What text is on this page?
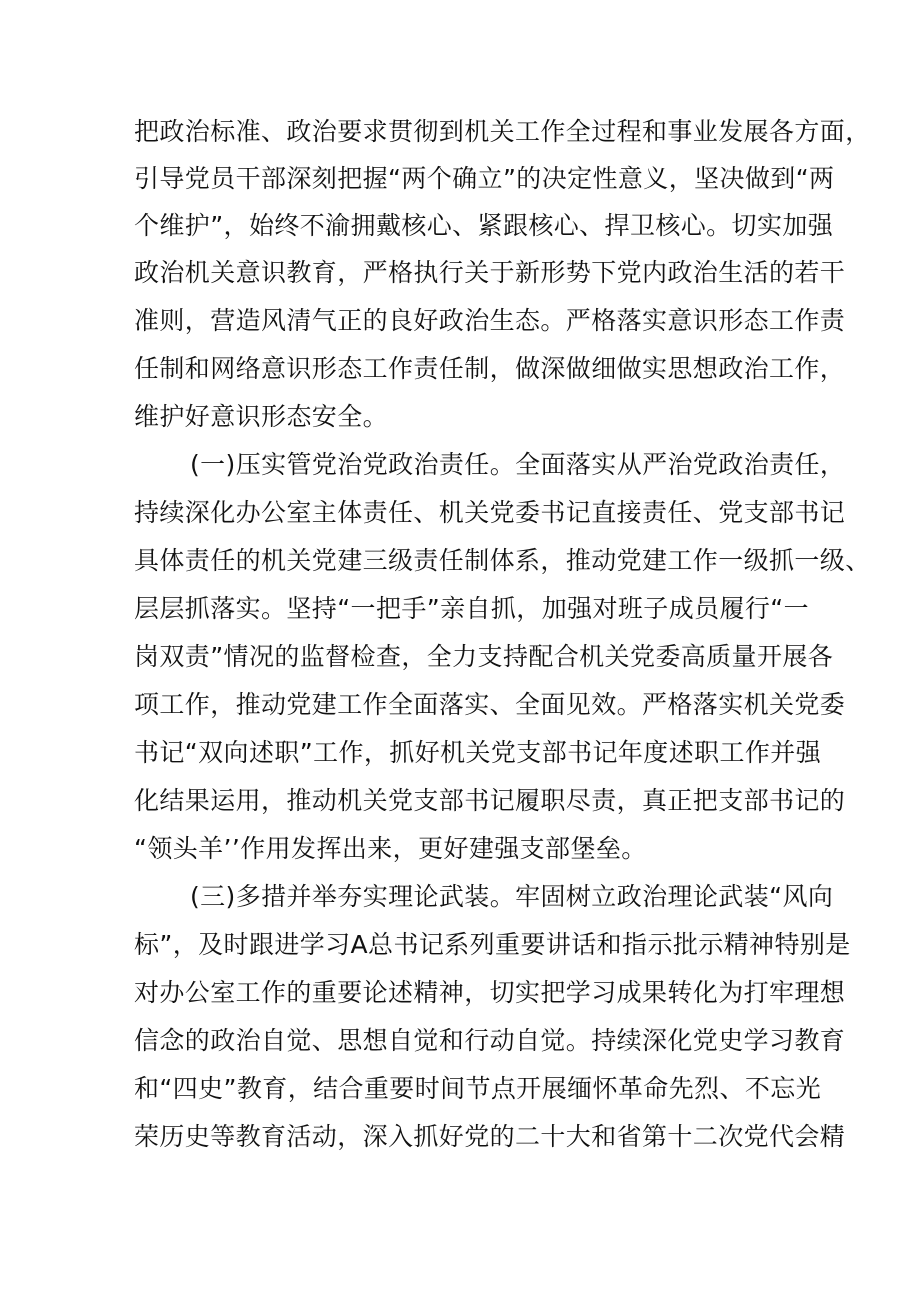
把政治标准、政治要求贯彻到机关工作全过程和事业发展各方面，
引导党员干部深刻把握“两个确立”的决定性意义，坚决做到“两
个维护”，始终不渝拥戴核心、紧跟核心、捍卫核心。切实加强
政治机关意识教育，严格执行关于新形势下党内政治生活的若干
准则，营造风清气正的良好政治生态。严格落实意识形态工作责
任制和网络意识形态工作责任制，做深做细做实思想政治工作，
维护好意识形态安全。
(一)压实管党治党政治责任。全面落实从严治党政治责任，
持续深化办公室主体责任、机关党委书记直接责任、党支部书记
具体责任的机关党建三级责任制体系，推动党建工作一级抓一级、
层层抓落实。坚持“一把手”亲自抓，加强对班子成员履行“一
岗双责”情况的监督检查，全力支持配合机关党委高质量开展各
项工作，推动党建工作全面落实、全面见效。严格落实机关党委
书记“双向述职”工作，抓好机关党支部书记年度述职工作并强
化结果运用，推动机关党支部书记履职尽责，真正把支部书记的
“领头羊’’作用发挥出来，更好建强支部堡垒。
(三)多措并举夯实理论武装。牢固树立政治理论武装“风向
标”，及时跟进学习A总书记系列重要讲话和指示批示精神特别是
对办公室工作的重要论述精神，切实把学习成果转化为打牢理想
信念的政治自觉、思想自觉和行动自觉。持续深化党史学习教育
和“四史”教育，结合重要时间节点开展缅怀革命先烈、不忘光
荣历史等教育活动，深入抓好党的二十大和省第十二次党代会精
